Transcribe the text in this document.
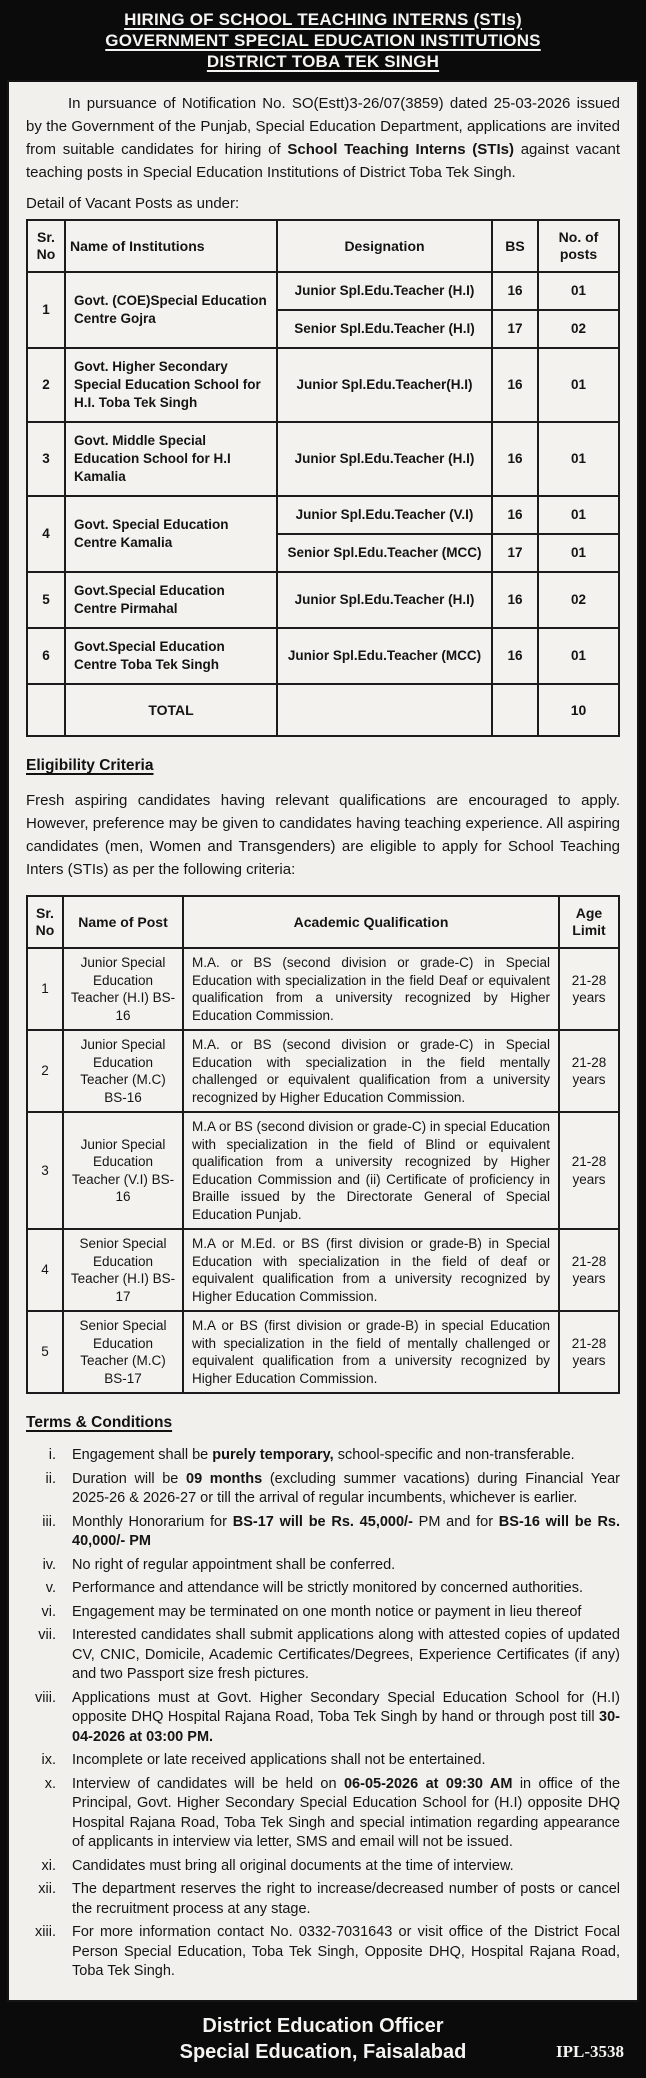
HIRING OF SCHOOL TEACHING INTERNS (STIs)
GOVERNMENT SPECIAL EDUCATION INSTITUTIONS
DISTRICT TOBA TEK SINGH

In pursuance of Notification No. SO(Estt)3-26/07(3859) dated 25-03-2026 issued by the Government of the Punjab, Special Education Department, applications are invited from suitable candidates for hiring of School Teaching Interns (STIs) against vacant teaching posts in Special Education Institutions of District Toba Tek Singh.

Detail of Vacant Posts as under:
Sr. No	Name of Institutions	Designation	BS	No. of posts
1	Govt. (COE)Special Education Centre Gojra	Junior Spl.Edu.Teacher (H.I)	16	01
		Senior Spl.Edu.Teacher (H.I)	17	02
2	Govt. Higher Secondary Special Education School for H.I. Toba Tek Singh	Junior Spl.Edu.Teacher(H.I)	16	01
3	Govt. Middle Special Education School for H.I Kamalia	Junior Spl.Edu.Teacher (H.I)	16	01
4	Govt. Special Education Centre Kamalia	Junior Spl.Edu.Teacher (V.I)	16	01
		Senior Spl.Edu.Teacher (MCC)	17	01
5	Govt.Special Education Centre Pirmahal	Junior Spl.Edu.Teacher (H.I)	16	02
6	Govt.Special Education Centre Toba Tek Singh	Junior Spl.Edu.Teacher (MCC)	16	01
	TOTAL			10
Eligibility Criteria

Fresh aspiring candidates having relevant qualifications are encouraged to apply. However, preference may be given to candidates having teaching experience. All aspiring candidates (men, Women and Transgenders) are eligible to apply for School Teaching Inters (STIs) as per the following criteria:

Sr. No	Name of Post	Academic Qualification	Age Limit
1	Junior Special Education Teacher (H.I) BS-16	M.A. or BS (second division or grade-C) in Special Education with specialization in the field Deaf or equivalent qualification from a university recognized by Higher Education Commission.	21-28 years
2	Junior Special Education Teacher (M.C) BS-16	M.A. or BS (second division or grade-C) in Special Education with specialization in the field mentally challenged or equivalent qualification from a university recognized by Higher Education Commission.	21-28 years
3	Junior Special Education Teacher (V.I) BS-16	M.A or BS (second division or grade-C) in special Education with specialization in the field of Blind or equivalent qualification from a university recognized by Higher Education Commission and (ii) Certificate of proficiency in Braille issued by the Directorate General of Special Education Punjab.	21-28 years
4	Senior Special Education Teacher (H.I) BS-17	M.A or M.Ed. or BS (first division or grade-B) in Special Education with specialization in the field of deaf or equivalent qualification from a university recognized by Higher Education Commission.	21-28 years
5	Senior Special Education Teacher (M.C) BS-17	M.A or BS (first division or grade-B) in special Education with specialization in the field of mentally challenged or equivalent qualification from a university recognized by Higher Education Commission.	21-28 years
Terms & Conditions
i.	Engagement shall be purely temporary, school-specific and non-transferable.
ii.	Duration will be 09 months (excluding summer vacations) during Financial Year 2025-26 & 2026-27 or till the arrival of regular incumbents, whichever is earlier.
iii.	Monthly Honorarium for BS-17 will be Rs. 45,000/- PM and for BS-16 will be Rs. 40,000/- PM
iv.	No right of regular appointment shall be conferred.
v.	Performance and attendance will be strictly monitored by concerned authorities.
vi.	Engagement may be terminated on one month notice or payment in lieu thereof
vii.	Interested candidates shall submit applications along with attested copies of updated CV, CNIC, Domicile, Academic Certificates/Degrees, Experience Certificates (if any) and two Passport size fresh pictures.
viii.	Applications must at Govt. Higher Secondary Special Education School for (H.I) opposite DHQ Hospital Rajana Road, Toba Tek Singh by hand or through post till 30-04-2026 at 03:00 PM.
ix.	Incomplete or late received applications shall not be entertained.
x.	Interview of candidates will be held on 06-05-2026 at 09:30 AM in office of the Principal, Govt. Higher Secondary Special Education School for (H.I) opposite DHQ Hospital Rajana Road, Toba Tek Singh and special intimation regarding appearance of applicants in interview via letter, SMS and email will not be issued.
xi.	Candidates must bring all original documents at the time of interview.
xii.	The department reserves the right to increase/decreased number of posts or cancel the recruitment process at any stage.
xiii.	For more information contact No. 0332-7031643 or visit office of the District Focal Person Special Education, Toba Tek Singh, Opposite DHQ, Hospital Rajana Road, Toba Tek Singh.
District Education Officer
Special Education, Faisalabad	IPL-3538
